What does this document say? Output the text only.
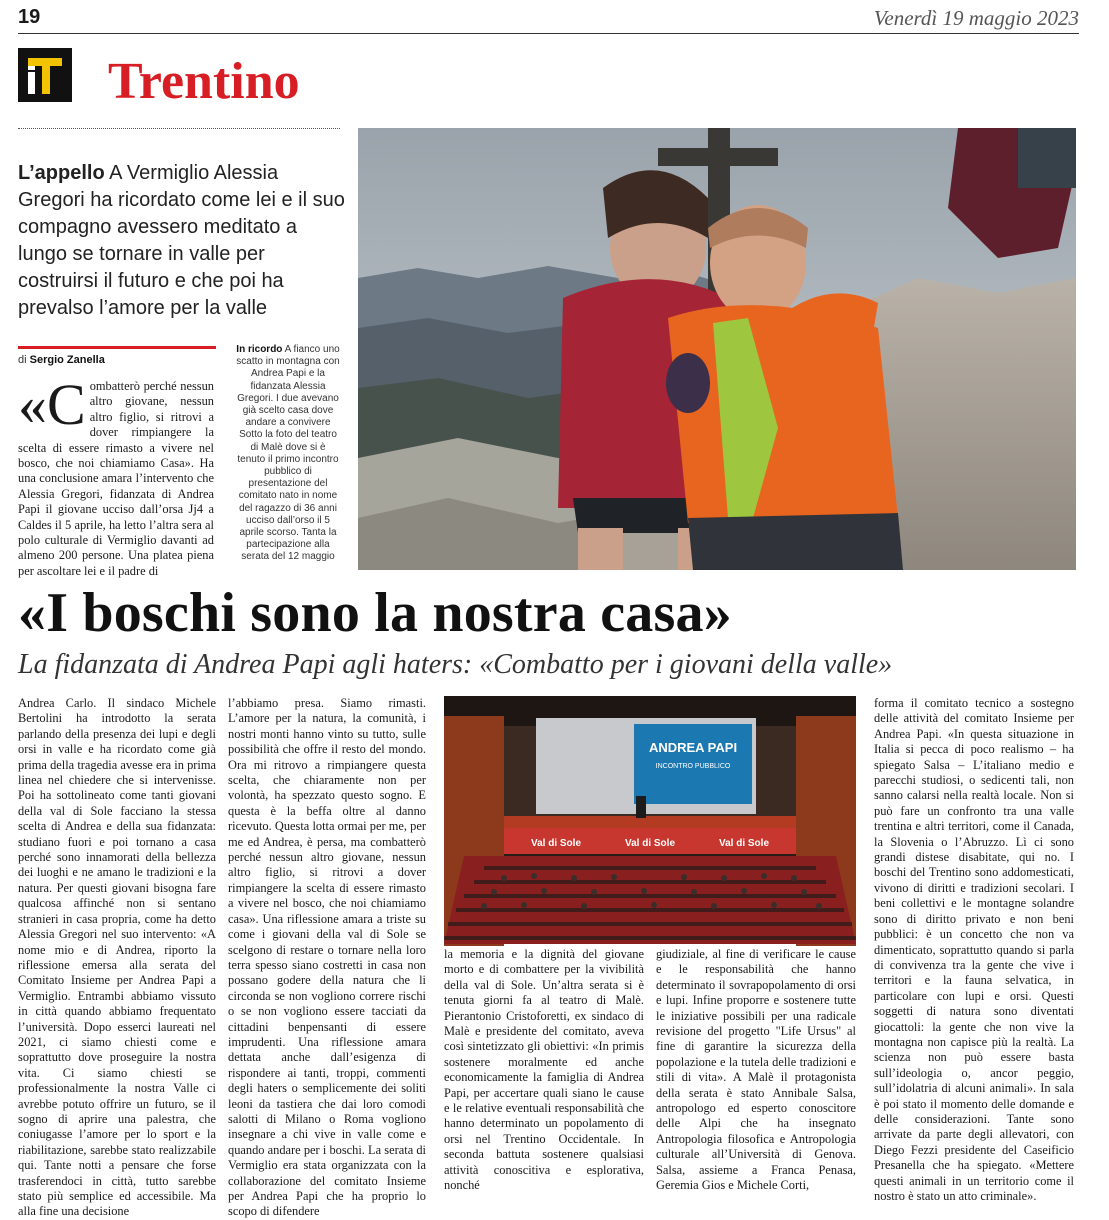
19	Venerdì 19 maggio 2023
Trentino
L’appello A Vermiglio Alessia Gregori ha ricordato come lei e il suo compagno avessero meditato a lungo se tornare in valle per costruirsi il futuro e che poi ha prevalso l’amore per la valle
di Sergio Zanella
«C ombatterò perché nessun altro giovane, nessun altro figlio, si ritrovi a dover rimpiangere la scelta di essere rimasto a vivere nel bosco, che noi chiamiamo Casa». Ha una conclusione amara l’intervento che Alessia Gregori, fidanzata di Andrea Papi il giovane ucciso dall’orsa Jj4 a Caldes il 5 aprile, ha letto l’altra sera al polo culturale di Vermiglio davanti ad almeno 200 persone. Una platea piena per ascoltare lei e il padre di
In ricordo A fianco uno scatto in montagna con Andrea Papi e la fidanzata Alessia Gregori. I due avevano già scelto casa dove andare a convivere Sotto la foto del teatro di Malè dove si è tenuto il primo incontro pubblico di presentazione del comitato nato in nome del ragazzo di 36 anni ucciso dall’orso il 5 aprile scorso. Tanta la partecipazione alla serata del 12 maggio
«I boschi sono la nostra casa»
La fidanzata di Andrea Papi agli haters: «Combatto per i giovani della valle»
Andrea Carlo. Il sindaco Michele Bertolini ha introdotto la serata parlando della presenza dei lupi e degli orsi in valle e ha ricordato come già prima della tragedia avesse era in prima linea nel chiedere che si intervenisse. Poi ha sottolineato come tanti giovani della val di Sole facciano la stessa scelta di Andrea e della sua fidanzata: studiano fuori e poi tornano a casa perché sono innamorati della bellezza dei luoghi e ne amano le tradizioni e la natura. Per questi giovani bisogna fare qualcosa affinché non si sentano stranieri in casa propria, come ha detto Alessia Gregori nel suo intervento: «A nome mio e di Andrea, riporto la riflessione emersa alla serata del Comitato Insieme per Andrea Papi a Vermiglio. Entrambi abbiamo vissuto in città quando abbiamo frequentato l’università. Dopo esserci laureati nel 2021, ci siamo chiesti come e soprattutto dove proseguire la nostra vita. Ci siamo chiesti se professionalmente la nostra Valle ci avrebbe potuto offrire un futuro, se il sogno di aprire una palestra, che coniugasse l’amore per lo sport e la riabilitazione, sarebbe stato realizzabile qui. Tante notti a pensare che forse trasferendoci in città, tutto sarebbe stato più semplice ed accessibile. Ma alla fine una decisione
l’abbiamo presa. Siamo rimasti. L’amore per la natura, la comunità, i nostri monti hanno vinto su tutto, sulle possibilità che offre il resto del mondo. Ora mi ritrovo a rimpiangere questa scelta, che chiaramente non per volontà, ha spezzato questo sogno. E questa è la beffa oltre al danno ricevuto. Questa lotta ormai per me, per me ed Andrea, è persa, ma combatterò perché nessun altro giovane, nessun altro figlio, si ritrovi a dover rimpiangere la scelta di essere rimasto a vivere nel bosco, che noi chiamiamo casa». Una riflessione amara a triste su come i giovani della val di Sole se scelgono di restare o tornare nella loro terra spesso siano costretti in casa non possano godere della natura che li circonda se non vogliono correre rischi o se non vogliono essere tacciati da cittadini benpensanti di essere imprudenti. Una riflessione amara dettata anche dall’esigenza di rispondere ai tanti, troppi, commenti degli haters o semplicemente dei soliti leoni da tastiera che dai loro comodi salotti di Milano o Roma vogliono insegnare a chi vive in valle come e quando andare per i boschi. La serata di Vermiglio era stata organizzata con la collaborazione del comitato Insieme per Andrea Papi che ha proprio lo scopo di difendere
ANDREA PAPI
INCONTRO PUBBLICO
Val di Sole	Val di Sole	Val di Sole
la memoria e la dignità del giovane morto e di combattere per la vivibilità della val di Sole. Un’altra serata si è tenuta giorni fa al teatro di Malè. Pierantonio Cristoforetti, ex sindaco di Malè e presidente del comitato, aveva così sintetizzato gli obiettivi: «In primis sostenere moralmente ed anche economicamente la famiglia di Andrea Papi, per accertare quali siano le cause e le relative eventuali responsabilità che hanno determinato un popolamento di orsi nel Trentino Occidentale. In seconda battuta sostenere qualsiasi attività conoscitiva e esplorativa, nonché
giudiziale, al fine di verificare le cause e le responsabilità che hanno determinato il sovrapopolamento di orsi e lupi. Infine proporre e sostenere tutte le iniziative possibili per una radicale revisione del progetto "Life Ursus" al fine di garantire la sicurezza della popolazione e la tutela delle tradizioni e stili di vita». A Malè il protagonista della serata è stato Annibale Salsa, antropologo ed esperto conoscitore delle Alpi che ha insegnato Antropologia filosofica e Antropologia culturale all’Università di Genova. Salsa, assieme a Franca Penasa, Geremia Gios e Michele Corti,
forma il comitato tecnico a sostegno delle attività del comitato Insieme per Andrea Papi. «In questa situazione in Italia si pecca di poco realismo – ha spiegato Salsa – L’italiano medio e parecchi studiosi, o sedicenti tali, non sanno calarsi nella realtà locale. Non si può fare un confronto tra una valle trentina e altri territori, come il Canada, la Slovenia o l’Abruzzo. Lì ci sono grandi distese disabitate, qui no. I boschi del Trentino sono addomesticati, vivono di diritti e tradizioni secolari. I beni collettivi e le montagne solandre sono di diritto privato e non beni pubblici: è un concetto che non va dimenticato, soprattutto quando si parla di convivenza tra la gente che vive i territori e la fauna selvatica, in particolare con lupi e orsi. Questi soggetti di natura sono diventati giocattoli: la gente che non vive la montagna non capisce più la realtà. La scienza non può essere basta sull’ideologia o, ancor peggio, sull’idolatria di alcuni animali». In sala è poi stato il momento delle domande e delle considerazioni. Tante sono arrivate da parte degli allevatori, con Diego Fezzi presidente del Caseificio Presanella che ha spiegato. «Mettere questi animali in un territorio come il nostro è stato un atto criminale».
